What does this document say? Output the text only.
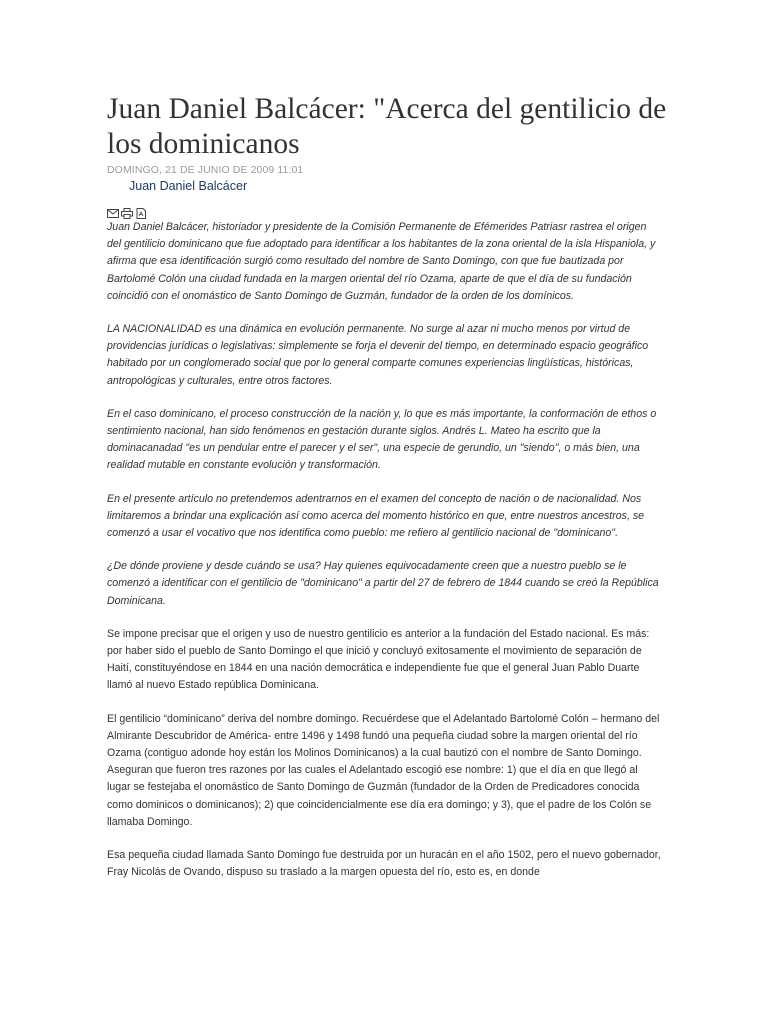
Juan Daniel Balcácer: "Acerca del gentilicio de los dominicanos
DOMINGO, 21 DE JUNIO DE 2009 11:01
Juan Daniel Balcácer

Juan Daniel Balcácer, historiador y presidente de la Comisión Permanente de Efémerides Patriasr rastrea el origen del gentilicio dominicano que fue adoptado para identificar a los habitantes de la zona oriental de la isla Hispaniola, y afirma que esa identificación surgió como resultado del nombre de Santo Domingo, con que fue bautizada por Bartolomé Colón una ciudad fundada en la margen oriental del río Ozama, aparte de que el día de su fundación coincidió con el onomástico de Santo Domingo de Guzmán, fundador de la orden de los domínicos.

LA NACIONALIDAD es una dinámica en evolución permanente. No surge al azar ni mucho menos por virtud de providencias jurídicas o legislativas: simplemente se forja el devenir del tiempo, en determinado espacio geográfico habitado por un conglomerado social que por lo general comparte comunes experiencias lingüísticas, históricas, antropológicas y culturales, entre otros factores.

En el caso dominicano, el proceso construcción de la nación y, lo que es más importante, la conformación de ethos o sentimiento nacional, han sido fenómenos en gestación durante siglos. Andrés L. Mateo ha escrito que la dominacanadad "es un pendular entre el parecer y el ser", una especie de gerundio, un "siendo", o más bien, una realidad mutable en constante evolución y transformación.

En el presente artículo no pretendemos adentrarnos en el examen del concepto de nación o de nacionalidad. Nos limitaremos a brindar una explicación así como acerca del momento histórico en que, entre nuestros ancestros, se comenzó a usar el vocativo que nos identifica como pueblo: me refiero al gentilicio nacional de "dominicano".

¿De dónde proviene y desde cuándo se usa? Hay quienes equivocadamente creen que a nuestro pueblo se le comenzó a identificar con el gentilicio de "dominicano" a partir del 27 de febrero de 1844 cuando se creó la República Dominicana.

Se impone precisar que el origen y uso de nuestro gentilicio es anterior a la fundación del Estado nacional. Es más: por haber sido el pueblo de Santo Domingo el que inició y concluyó exitosamente el movimiento de separación de Haití, constituyéndose en 1844 en una nación democrática e independiente fue que el general Juan Pablo Duarte llamó al nuevo Estado república Dominicana.

El gentilicio “dominicano” deriva del nombre domingo. Recuérdese que el Adelantado Bartolomé Colón – hermano del Almirante Descubridor de América- entre 1496 y 1498 fundó una pequeña ciudad sobre la margen oriental del río Ozama (contiguo adonde hoy están los Molinos Dominicanos) a la cual bautizó con el nombre de Santo Domingo. Aseguran que fueron tres razones por las cuales el Adelantado escogió ese nombre: 1) que el día en que llegó al lugar se festejaba el onomástico de Santo Domingo de Guzmán (fundador de la Orden de Predicadores conocida como dominicos o dominicanos); 2) que coincidencialmente ese día era domingo; y 3), que el padre de los Colón se llamaba Domingo.

Esa pequeña ciudad llamada Santo Domingo fue destruida por un huracán en el año 1502, pero el nuevo gobernador, Fray Nicolás de Ovando, dispuso su traslado a la margen opuesta del río, esto es, en donde
